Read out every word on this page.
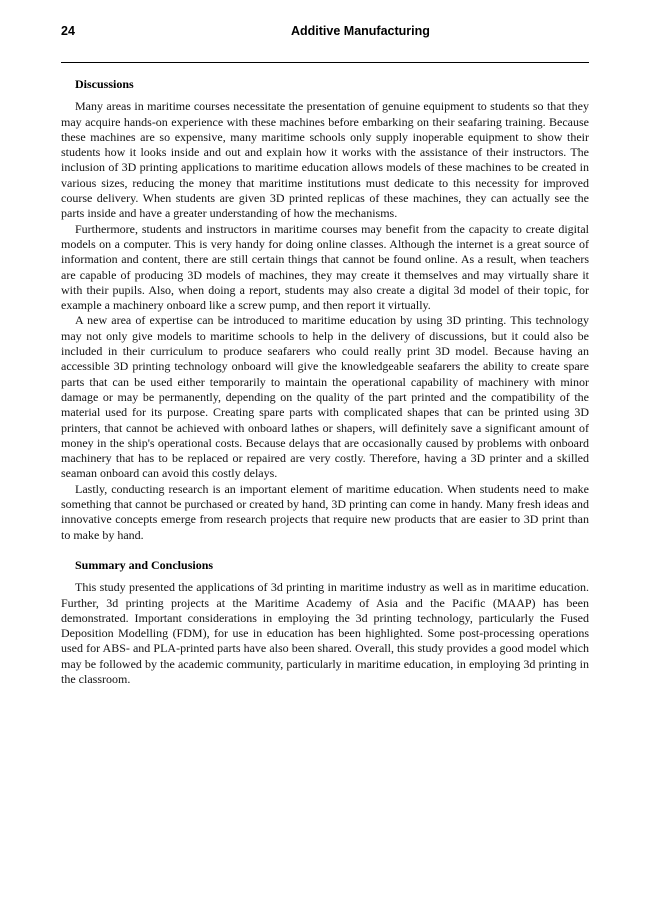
24	Additive Manufacturing
Discussions

Many areas in maritime courses necessitate the presentation of genuine equipment to students so that they may acquire hands-on experience with these machines before embarking on their seafaring training. Because these machines are so expensive, many maritime schools only supply inoperable equipment to show their students how it looks inside and out and explain how it works with the assistance of their instructors. The inclusion of 3D printing applications to maritime education allows models of these machines to be created in various sizes, reducing the money that maritime institutions must dedicate to this necessity for improved course delivery. When students are given 3D printed replicas of these machines, they can actually see the parts inside and have a greater understanding of how the mechanisms.

Furthermore, students and instructors in maritime courses may benefit from the capacity to create digital models on a computer. This is very handy for doing online classes. Although the internet is a great source of information and content, there are still certain things that cannot be found online. As a result, when teachers are capable of producing 3D models of machines, they may create it themselves and may virtually share it with their pupils. Also, when doing a report, students may also create a digital 3d model of their topic, for example a machinery onboard like a screw pump, and then report it virtually.

A new area of expertise can be introduced to maritime education by using 3D printing. This technology may not only give models to maritime schools to help in the delivery of discussions, but it could also be included in their curriculum to produce seafarers who could really print 3D model. Because having an accessible 3D printing technology onboard will give the knowledgeable seafarers the ability to create spare parts that can be used either temporarily to maintain the operational capability of machinery with minor damage or may be permanently, depending on the quality of the part printed and the compatibility of the material used for its purpose. Creating spare parts with complicated shapes that can be printed using 3D printers, that cannot be achieved with onboard lathes or shapers, will definitely save a significant amount of money in the ship's operational costs. Because delays that are occasionally caused by problems with onboard machinery that has to be replaced or repaired are very costly. Therefore, having a 3D printer and a skilled seaman onboard can avoid this costly delays.

Lastly, conducting research is an important element of maritime education. When students need to make something that cannot be purchased or created by hand, 3D printing can come in handy. Many fresh ideas and innovative concepts emerge from research projects that require new products that are easier to 3D print than to make by hand.

Summary and Conclusions

This study presented the applications of 3d printing in maritime industry as well as in maritime education. Further, 3d printing projects at the Maritime Academy of Asia and the Pacific (MAAP) has been demonstrated. Important considerations in employing the 3d printing technology, particularly the Fused Deposition Modelling (FDM), for use in education has been highlighted. Some post-processing operations used for ABS- and PLA-printed parts have also been shared. Overall, this study provides a good model which may be followed by the academic community, particularly in maritime education, in employing 3d printing in the classroom.
